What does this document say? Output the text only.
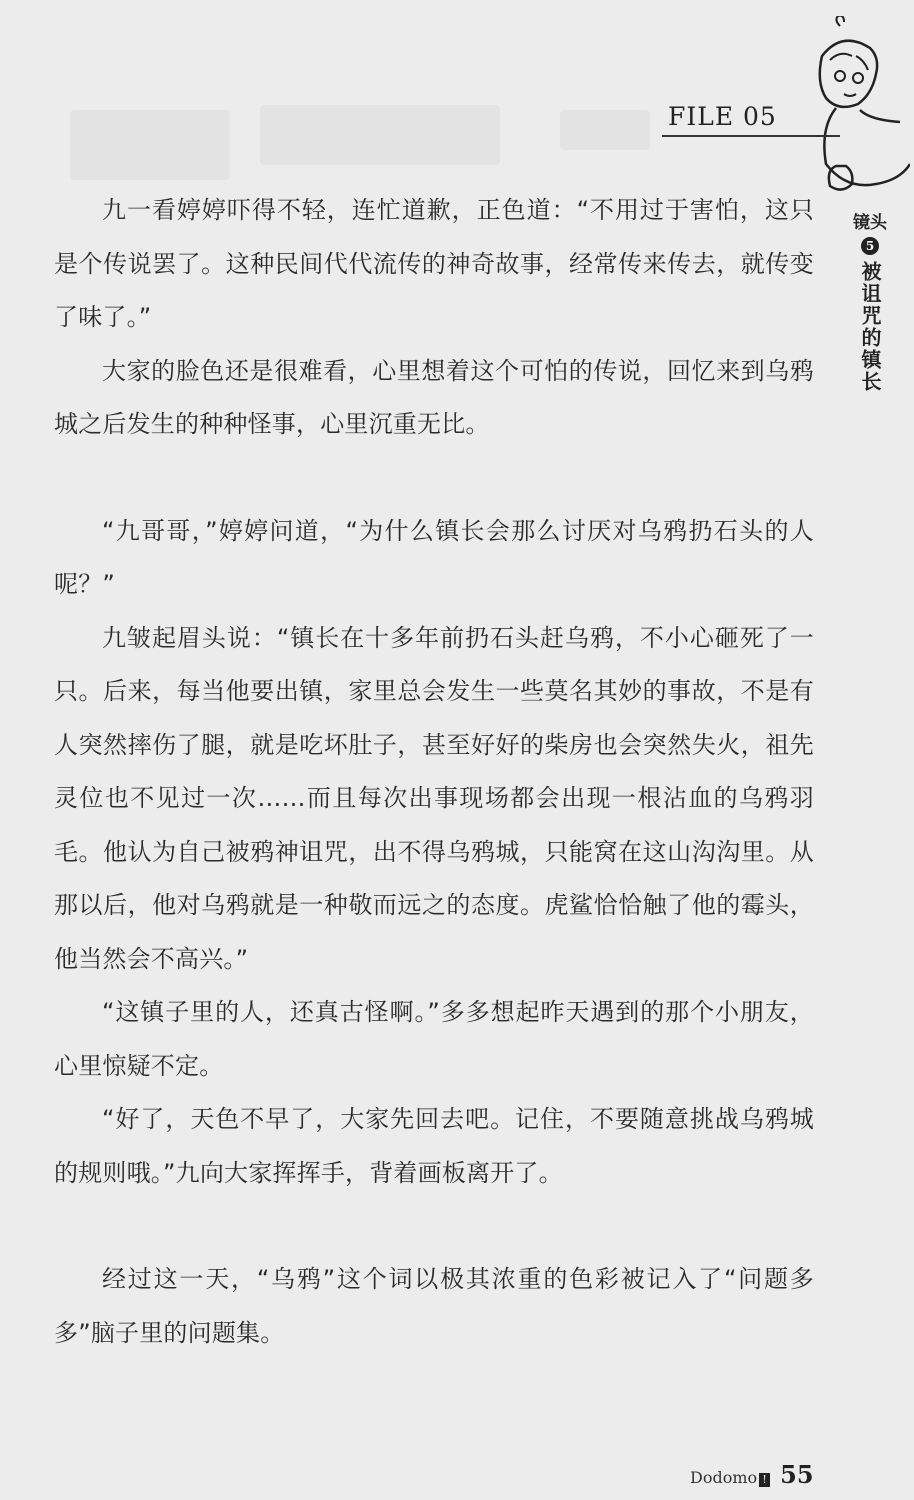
FILE 05
镜头
5
被诅咒的镇长

九一看婷婷吓得不轻，连忙道歉，正色道：“不用过于害怕，这只是个传说罢了。这种民间代代流传的神奇故事，经常传来传去，就传变了味了。”

大家的脸色还是很难看，心里想着这个可怕的传说，回忆来到乌鸦城之后发生的种种怪事，心里沉重无比。

“九哥哥，”婷婷问道，“为什么镇长会那么讨厌对乌鸦扔石头的人呢？”

九皱起眉头说：“镇长在十多年前扔石头赶乌鸦，不小心砸死了一只。后来，每当他要出镇，家里总会发生一些莫名其妙的事故，不是有人突然摔伤了腿，就是吃坏肚子，甚至好好的柴房也会突然失火，祖先灵位也不见过一次……而且每次出事现场都会出现一根沾血的乌鸦羽毛。他认为自己被鸦神诅咒，出不得乌鸦城，只能窝在这山沟沟里。从那以后，他对乌鸦就是一种敬而远之的态度。虎鲨恰恰触了他的霉头，他当然会不高兴。”

“这镇子里的人，还真古怪啊。”多多想起昨天遇到的那个小朋友，心里惊疑不定。

“好了，天色不早了，大家先回去吧。记住，不要随意挑战乌鸦城的规则哦。”九向大家挥挥手，背着画板离开了。

经过这一天，“乌鸦”这个词以极其浓重的色彩被记入了“问题多多”脑子里的问题集。

Dodomo ! 55
